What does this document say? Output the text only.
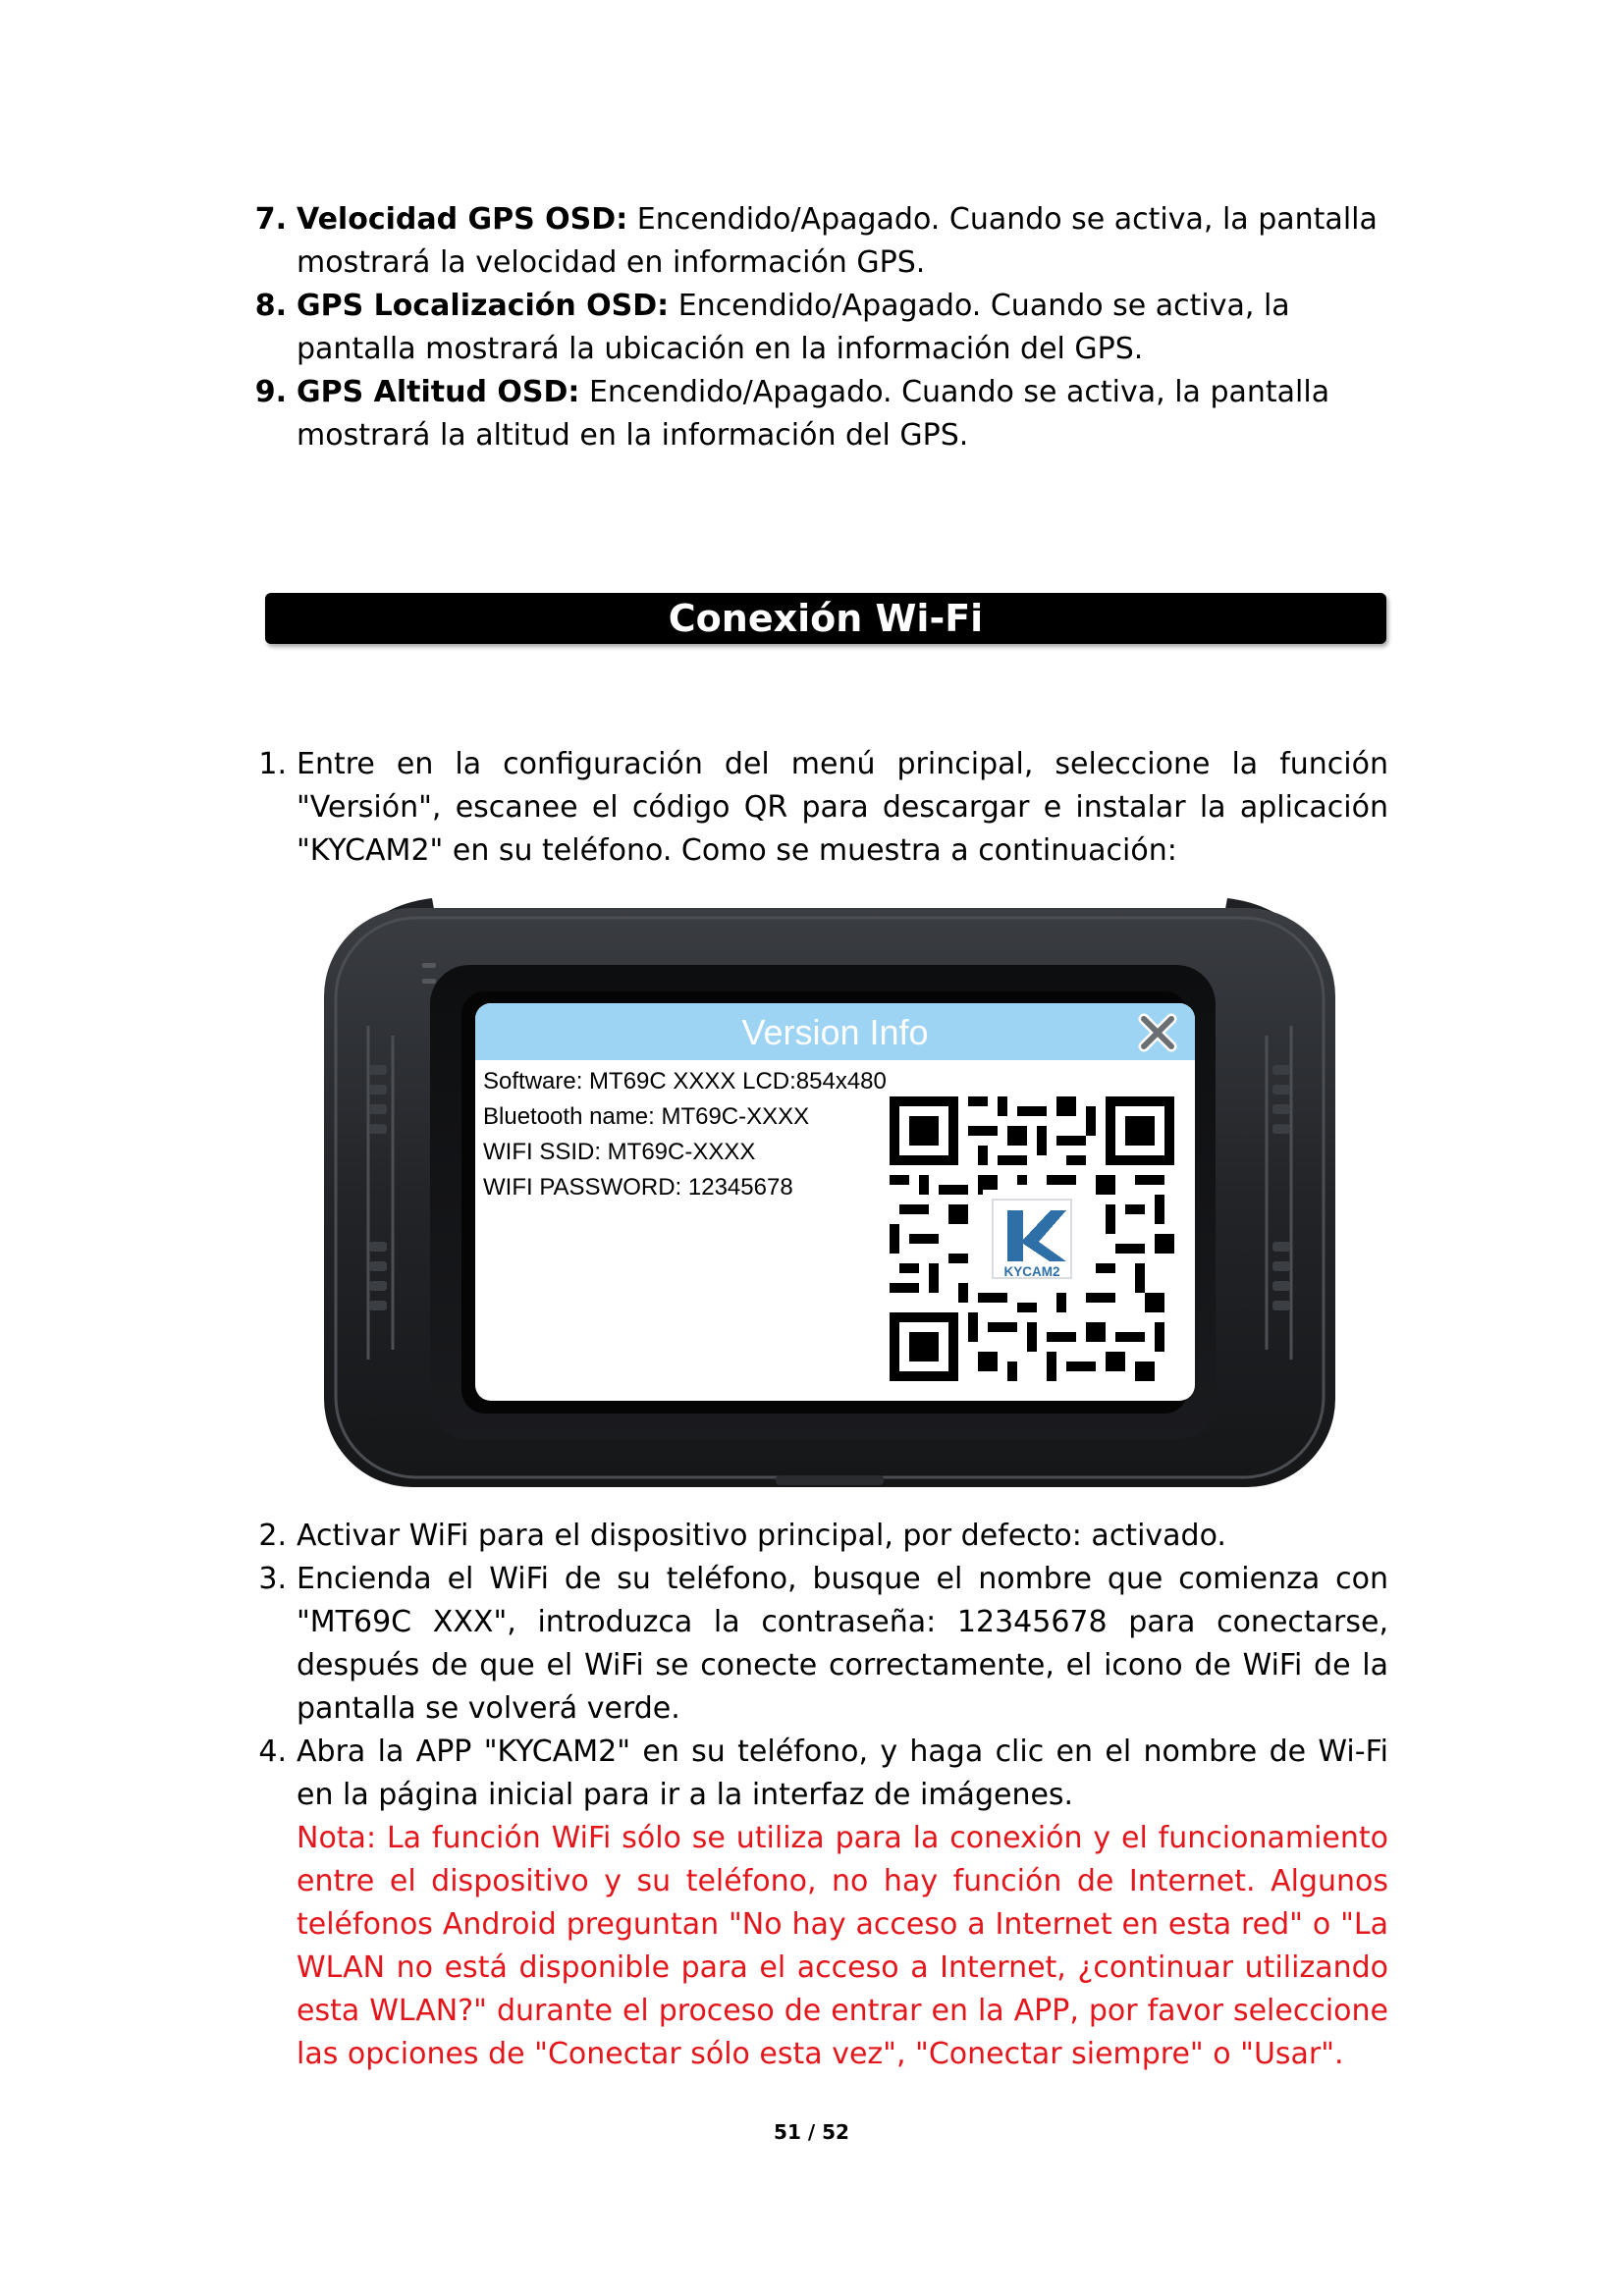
7. Velocidad GPS OSD: Encendido/Apagado. Cuando se activa, la pantalla mostrará la velocidad en información GPS.
8. GPS Localización OSD: Encendido/Apagado. Cuando se activa, la pantalla mostrará la ubicación en la información del GPS.
9. GPS Altitud OSD: Encendido/Apagado. Cuando se activa, la pantalla mostrará la altitud en la información del GPS.
Conexión Wi-Fi
1. Entre en la configuración del menú principal, seleccione la función "Versión", escanee el código QR para descargar e instalar la aplicación "KYCAM2" en su teléfono. Como se muestra a continuación:
Version Info
Software: MT69C XXXX LCD:854x480
Bluetooth name: MT69C-XXXX
WIFI SSID: MT69C-XXXX
WIFI PASSWORD: 12345678
KYCAM2
2. Activar WiFi para el dispositivo principal, por defecto: activado.
3. Encienda el WiFi de su teléfono, busque el nombre que comienza con "MT69C XXX", introduzca la contraseña: 12345678 para conectarse, después de que el WiFi se conecte correctamente, el icono de WiFi de la pantalla se volverá verde.
4. Abra la APP "KYCAM2" en su teléfono, y haga clic en el nombre de Wi-Fi en la página inicial para ir a la interfaz de imágenes.

Nota: La función WiFi sólo se utiliza para la conexión y el funcionamiento entre el dispositivo y su teléfono, no hay función de Internet. Algunos teléfonos Android preguntan "No hay acceso a Internet en esta red" o "La WLAN no está disponible para el acceso a Internet, ¿continuar utilizando esta WLAN?" durante el proceso de entrar en la APP, por favor seleccione las opciones de "Conectar sólo esta vez", "Conectar siempre" o "Usar".

51 / 52
